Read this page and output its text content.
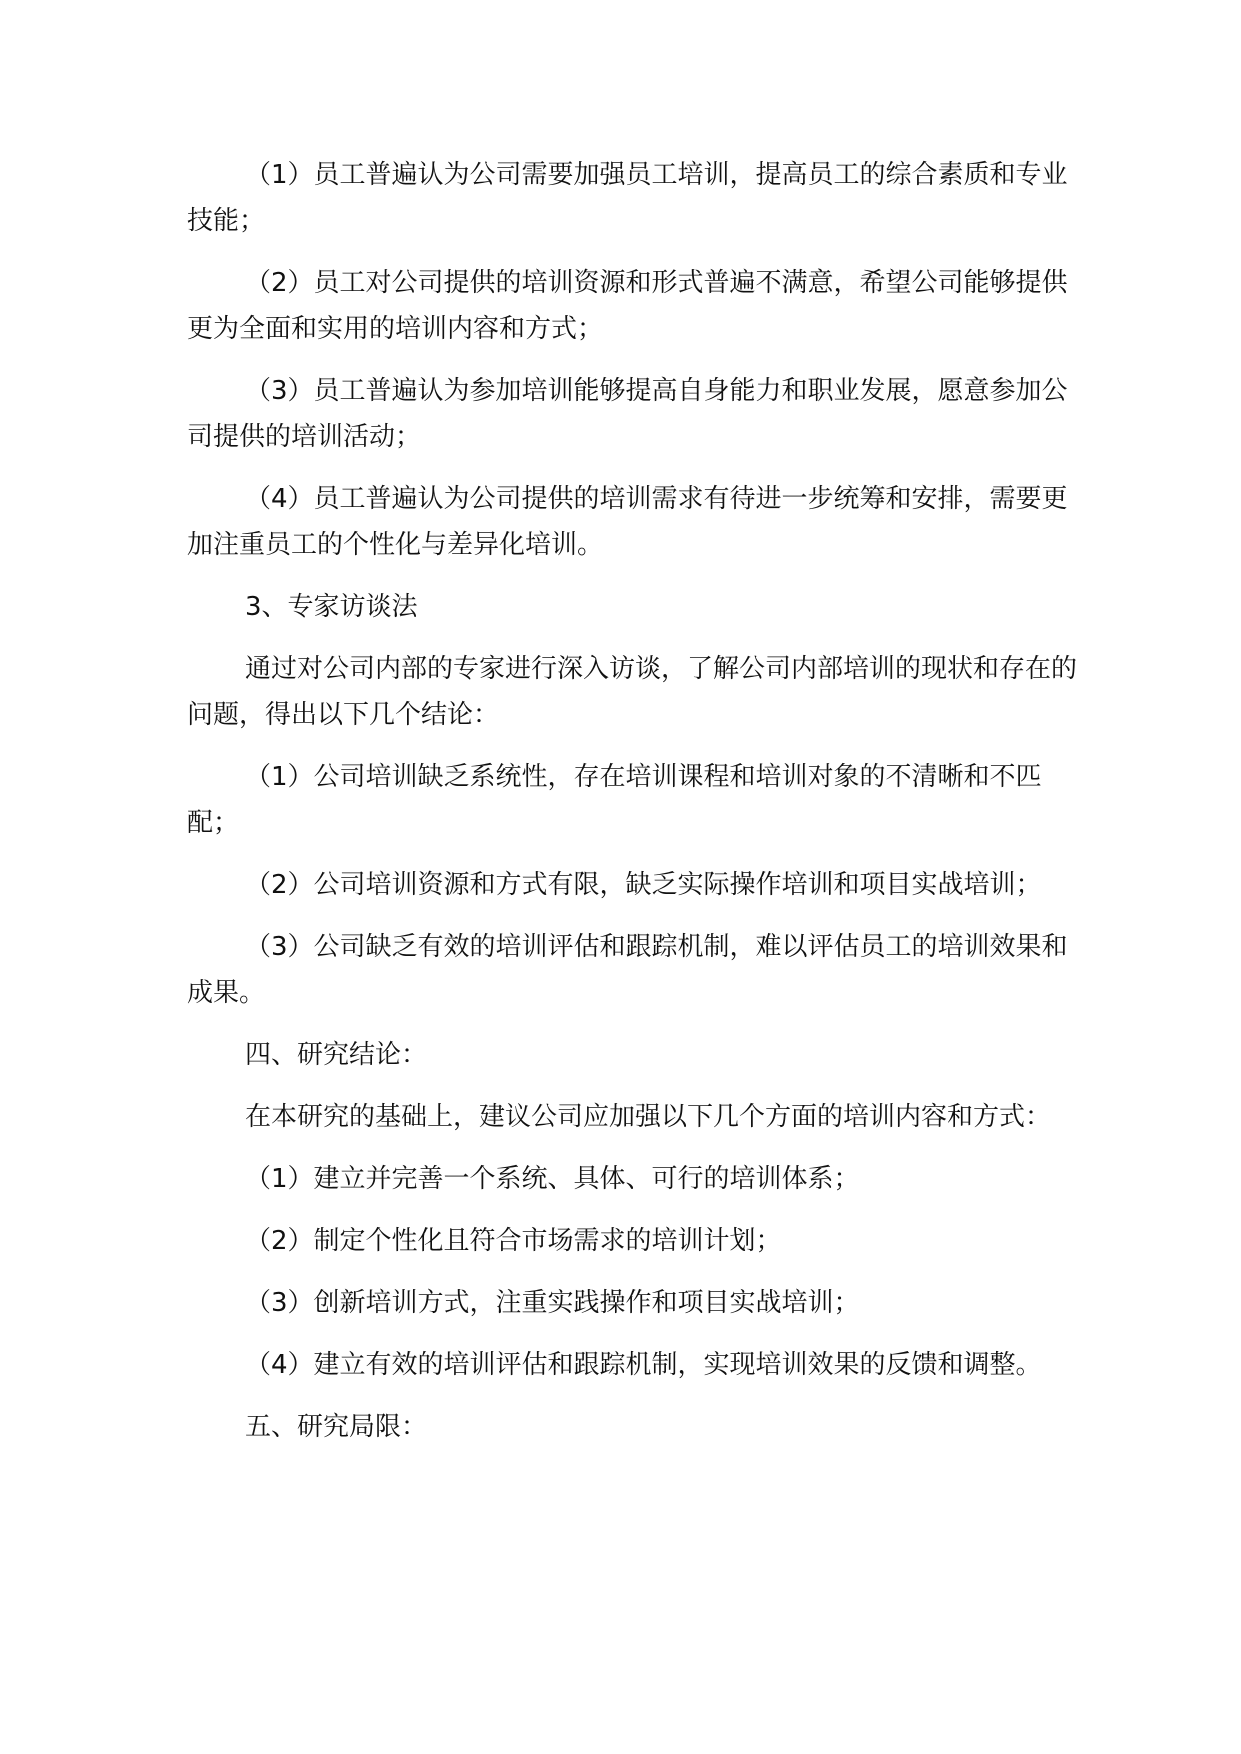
（1）员工普遍认为公司需要加强员工培训，提高员工的综合素质和专业技能；

（2）员工对公司提供的培训资源和形式普遍不满意，希望公司能够提供更为全面和实用的培训内容和方式；

（3）员工普遍认为参加培训能够提高自身能力和职业发展，愿意参加公司提供的培训活动；

（4）员工普遍认为公司提供的培训需求有待进一步统筹和安排，需要更加注重员工的个性化与差异化培训。

3、专家访谈法

通过对公司内部的专家进行深入访谈，了解公司内部培训的现状和存在的问题，得出以下几个结论：

（1）公司培训缺乏系统性，存在培训课程和培训对象的不清晰和不匹配；

（2）公司培训资源和方式有限，缺乏实际操作培训和项目实战培训；

（3）公司缺乏有效的培训评估和跟踪机制，难以评估员工的培训效果和成果。

四、研究结论：

在本研究的基础上，建议公司应加强以下几个方面的培训内容和方式：

（1）建立并完善一个系统、具体、可行的培训体系；

（2）制定个性化且符合市场需求的培训计划；

（3）创新培训方式，注重实践操作和项目实战培训；

（4）建立有效的培训评估和跟踪机制，实现培训效果的反馈和调整。

五、研究局限：
